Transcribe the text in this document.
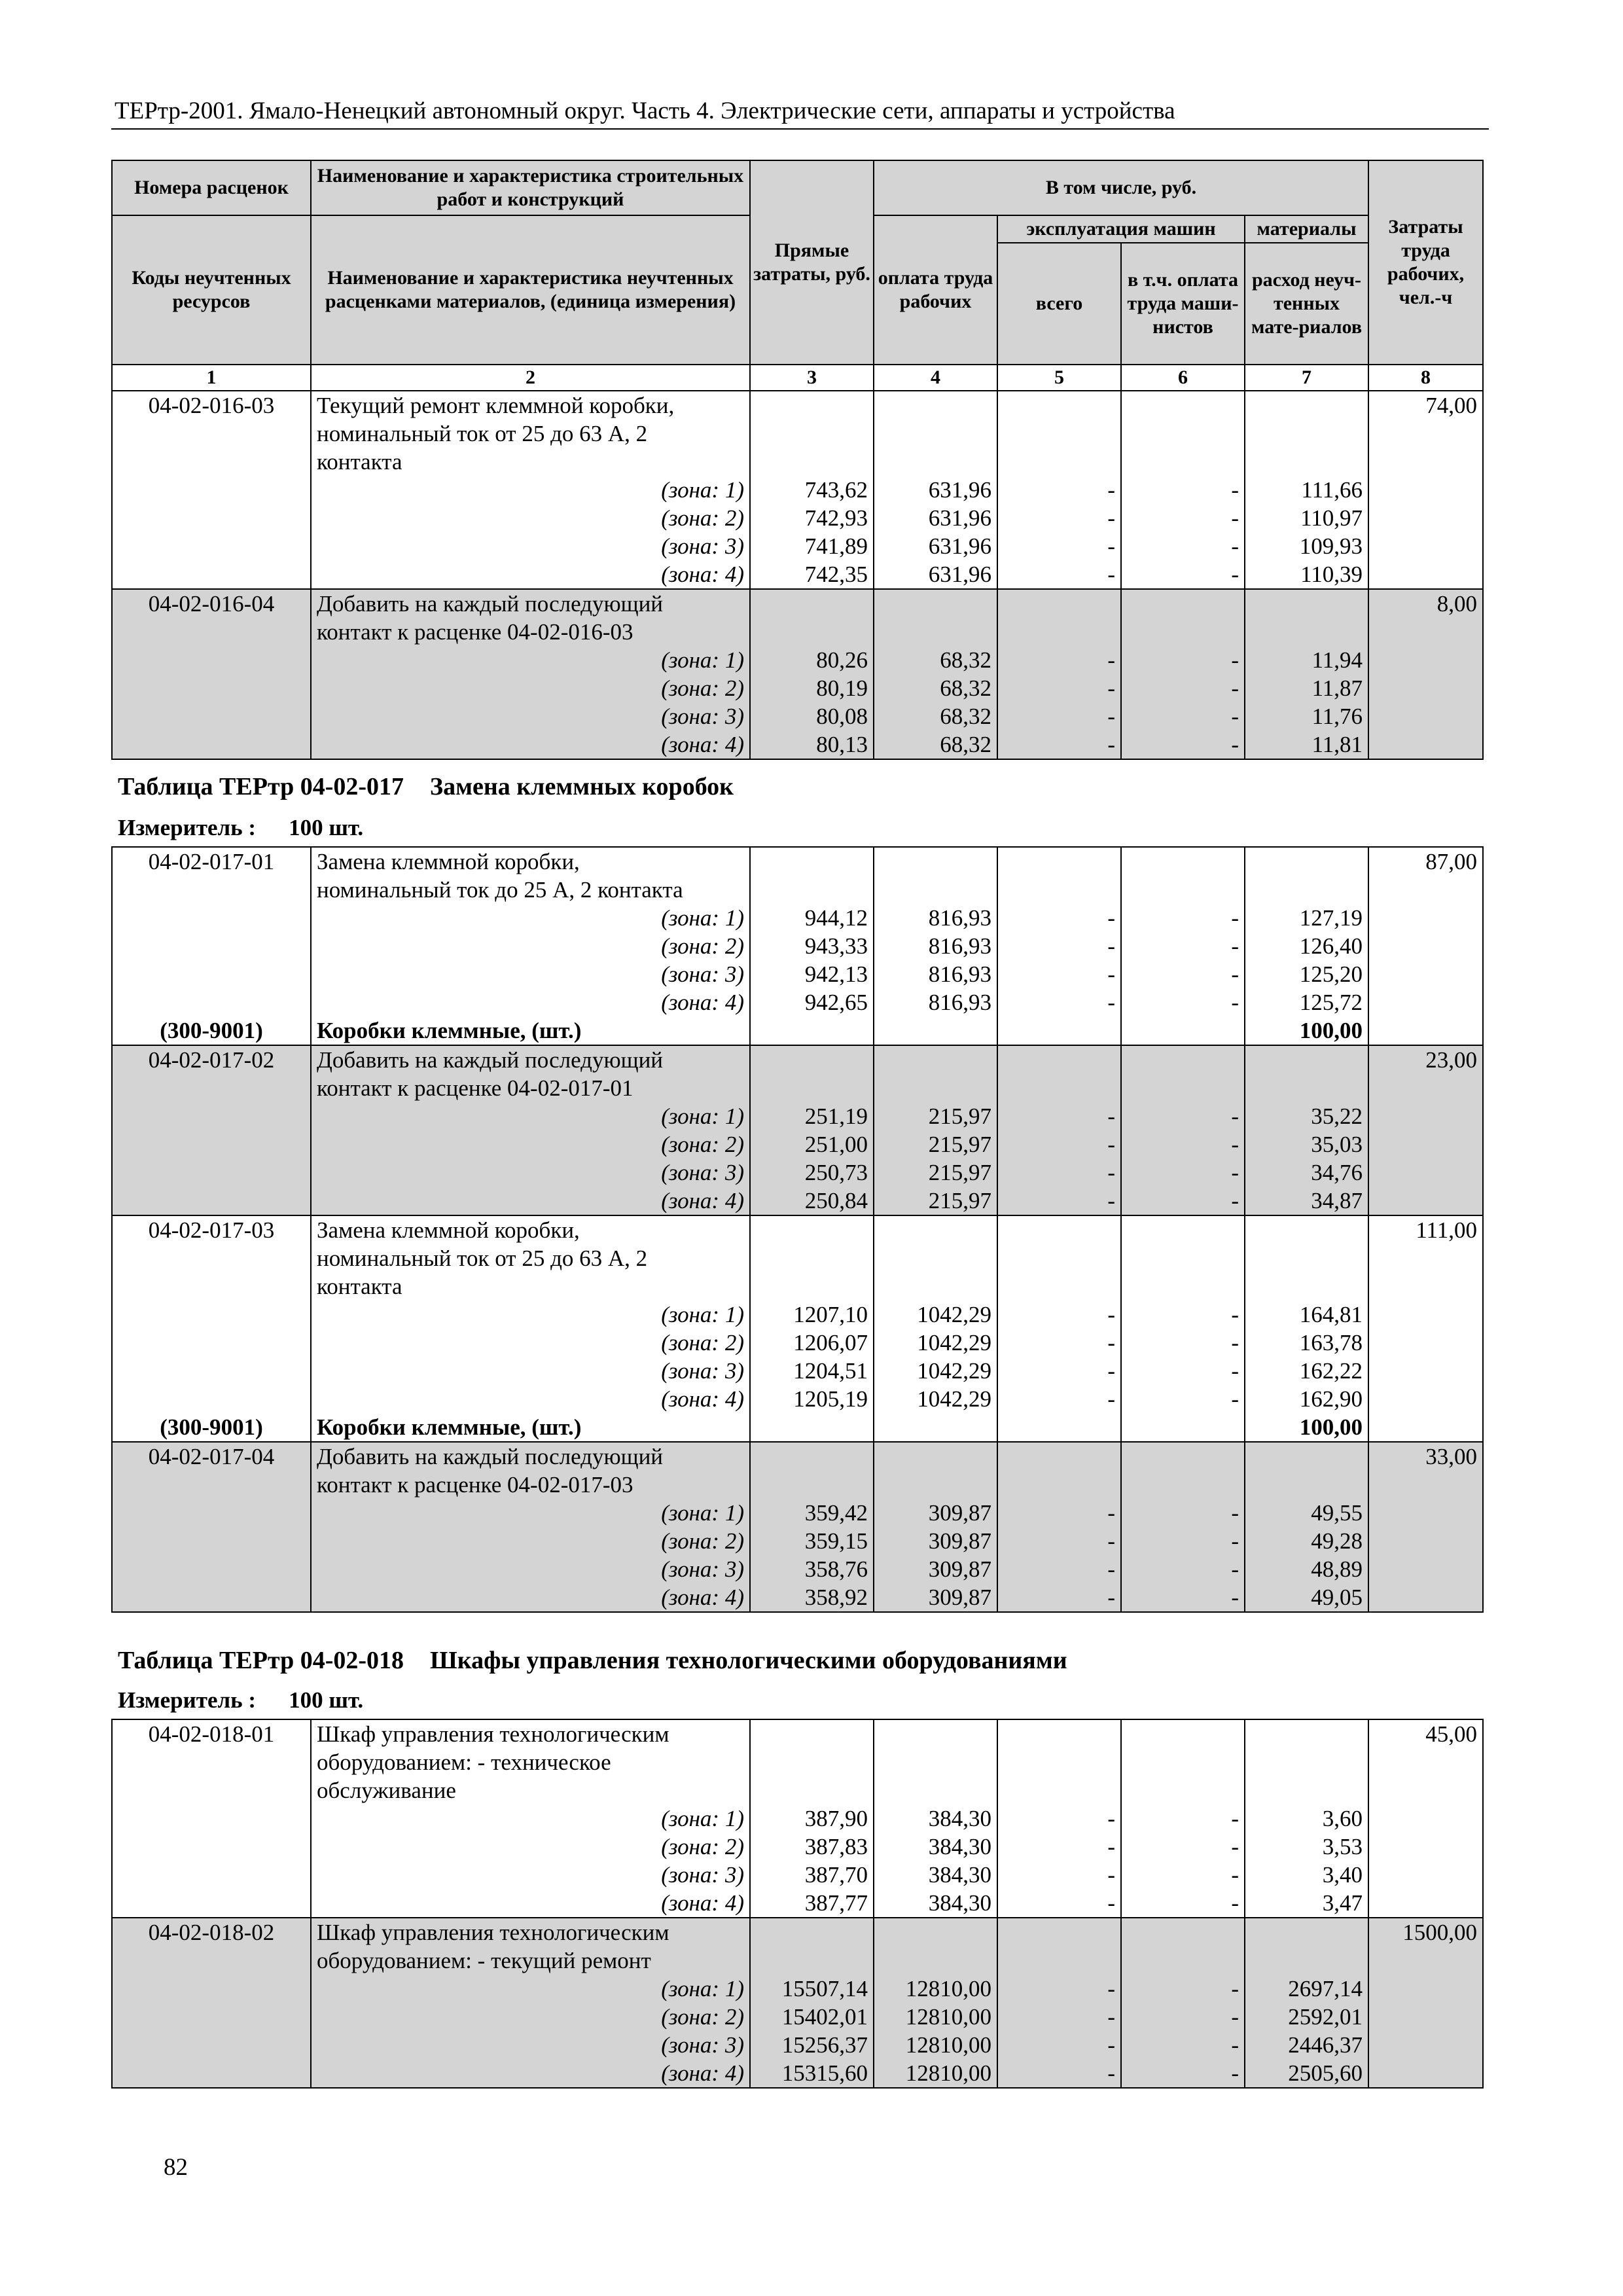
ТЕРтр-2001. Ямало-Ненецкий автономный округ. Часть 4. Электрические сети, аппараты и устройства
Номера расценок	Наименование и характеристика строительных работ и конструкций	Прямые затраты, руб.	В том числе, руб.				Затраты труда рабочих, чел.-ч
Коды неучтенных ресурсов	Наименование и характеристика неучтенных расценками материалов, (единица измерения)		оплата труда рабочих	эксплуатация машин		материалы	
				всего	в т.ч. оплата труда маши-нистов	расход неуч-тенных мате-риалов	
1	2	3	4	5	6	7	8
04-02-016-03	Текущий ремонт клеммной коробки,						74,00
	номинальный ток от 25 до 63 А, 2						
	контакта						
	(зона: 1)	743,62	631,96	-	-	111,66	
	(зона: 2)	742,93	631,96	-	-	110,97	
	(зона: 3)	741,89	631,96	-	-	109,93	
	(зона: 4)	742,35	631,96	-	-	110,39	
04-02-016-04	Добавить на каждый последующий						8,00
	контакт к расценке 04-02-016-03						
	(зона: 1)	80,26	68,32	-	-	11,94	
	(зона: 2)	80,19	68,32	-	-	11,87	
	(зона: 3)	80,08	68,32	-	-	11,76	
	(зона: 4)	80,13	68,32	-	-	11,81	
Таблица ТЕРтр 04-02-017 Замена клеммных коробок
Измеритель : 100 шт.
04-02-017-01	Замена клеммной коробки,						87,00
	номинальный ток до 25 А, 2 контакта						
	(зона: 1)	944,12	816,93	-	-	127,19	
	(зона: 2)	943,33	816,93	-	-	126,40	
	(зона: 3)	942,13	816,93	-	-	125,20	
	(зона: 4)	942,65	816,93	-	-	125,72	
(300-9001)	Коробки клеммные, (шт.)					100,00	
04-02-017-02	Добавить на каждый последующий						23,00
	контакт к расценке 04-02-017-01						
	(зона: 1)	251,19	215,97	-	-	35,22	
	(зона: 2)	251,00	215,97	-	-	35,03	
	(зона: 3)	250,73	215,97	-	-	34,76	
	(зона: 4)	250,84	215,97	-	-	34,87	
04-02-017-03	Замена клеммной коробки,						111,00
	номинальный ток от 25 до 63 А, 2						
	контакта						
	(зона: 1)	1207,10	1042,29	-	-	164,81	
	(зона: 2)	1206,07	1042,29	-	-	163,78	
	(зона: 3)	1204,51	1042,29	-	-	162,22	
	(зона: 4)	1205,19	1042,29	-	-	162,90	
(300-9001)	Коробки клеммные, (шт.)					100,00	
04-02-017-04	Добавить на каждый последующий						33,00
	контакт к расценке 04-02-017-03						
	(зона: 1)	359,42	309,87	-	-	49,55	
	(зона: 2)	359,15	309,87	-	-	49,28	
	(зона: 3)	358,76	309,87	-	-	48,89	
	(зона: 4)	358,92	309,87	-	-	49,05	
Таблица ТЕРтр 04-02-018 Шкафы управления технологическими оборудованиями
Измеритель : 100 шт.
04-02-018-01	Шкаф управления технологическим						45,00
	оборудованием: - техническое						
	обслуживание						
	(зона: 1)	387,90	384,30	-	-	3,60	
	(зона: 2)	387,83	384,30	-	-	3,53	
	(зона: 3)	387,70	384,30	-	-	3,40	
	(зона: 4)	387,77	384,30	-	-	3,47	
04-02-018-02	Шкаф управления технологическим						1500,00
	оборудованием: - текущий ремонт						
	(зона: 1)	15507,14	12810,00	-	-	2697,14	
	(зона: 2)	15402,01	12810,00	-	-	2592,01	
	(зона: 3)	15256,37	12810,00	-	-	2446,37	
	(зона: 4)	15315,60	12810,00	-	-	2505,60	
82
